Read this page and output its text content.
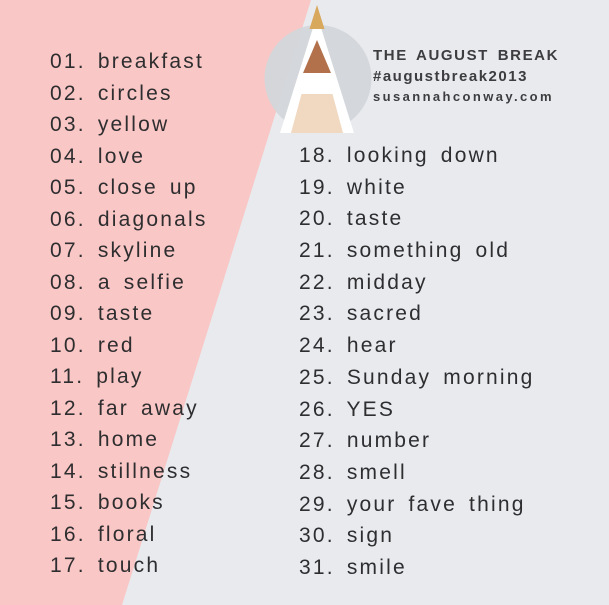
THE AUGUST BREAK
#augustbreak2013
susannahconway.com
01. breakfast
02. circles
03. yellow
04. love
05. close up
06. diagonals
07. skyline
08. a selfie
09. taste
10. red
11. play
12. far away
13. home
14. stillness
15. books
16. floral
17. touch
18. looking down
19. white
20. taste
21. something old
22. midday
23. sacred
24. hear
25. Sunday morning
26. YES
27. number
28. smell
29. your fave thing
30. sign
31. smile
